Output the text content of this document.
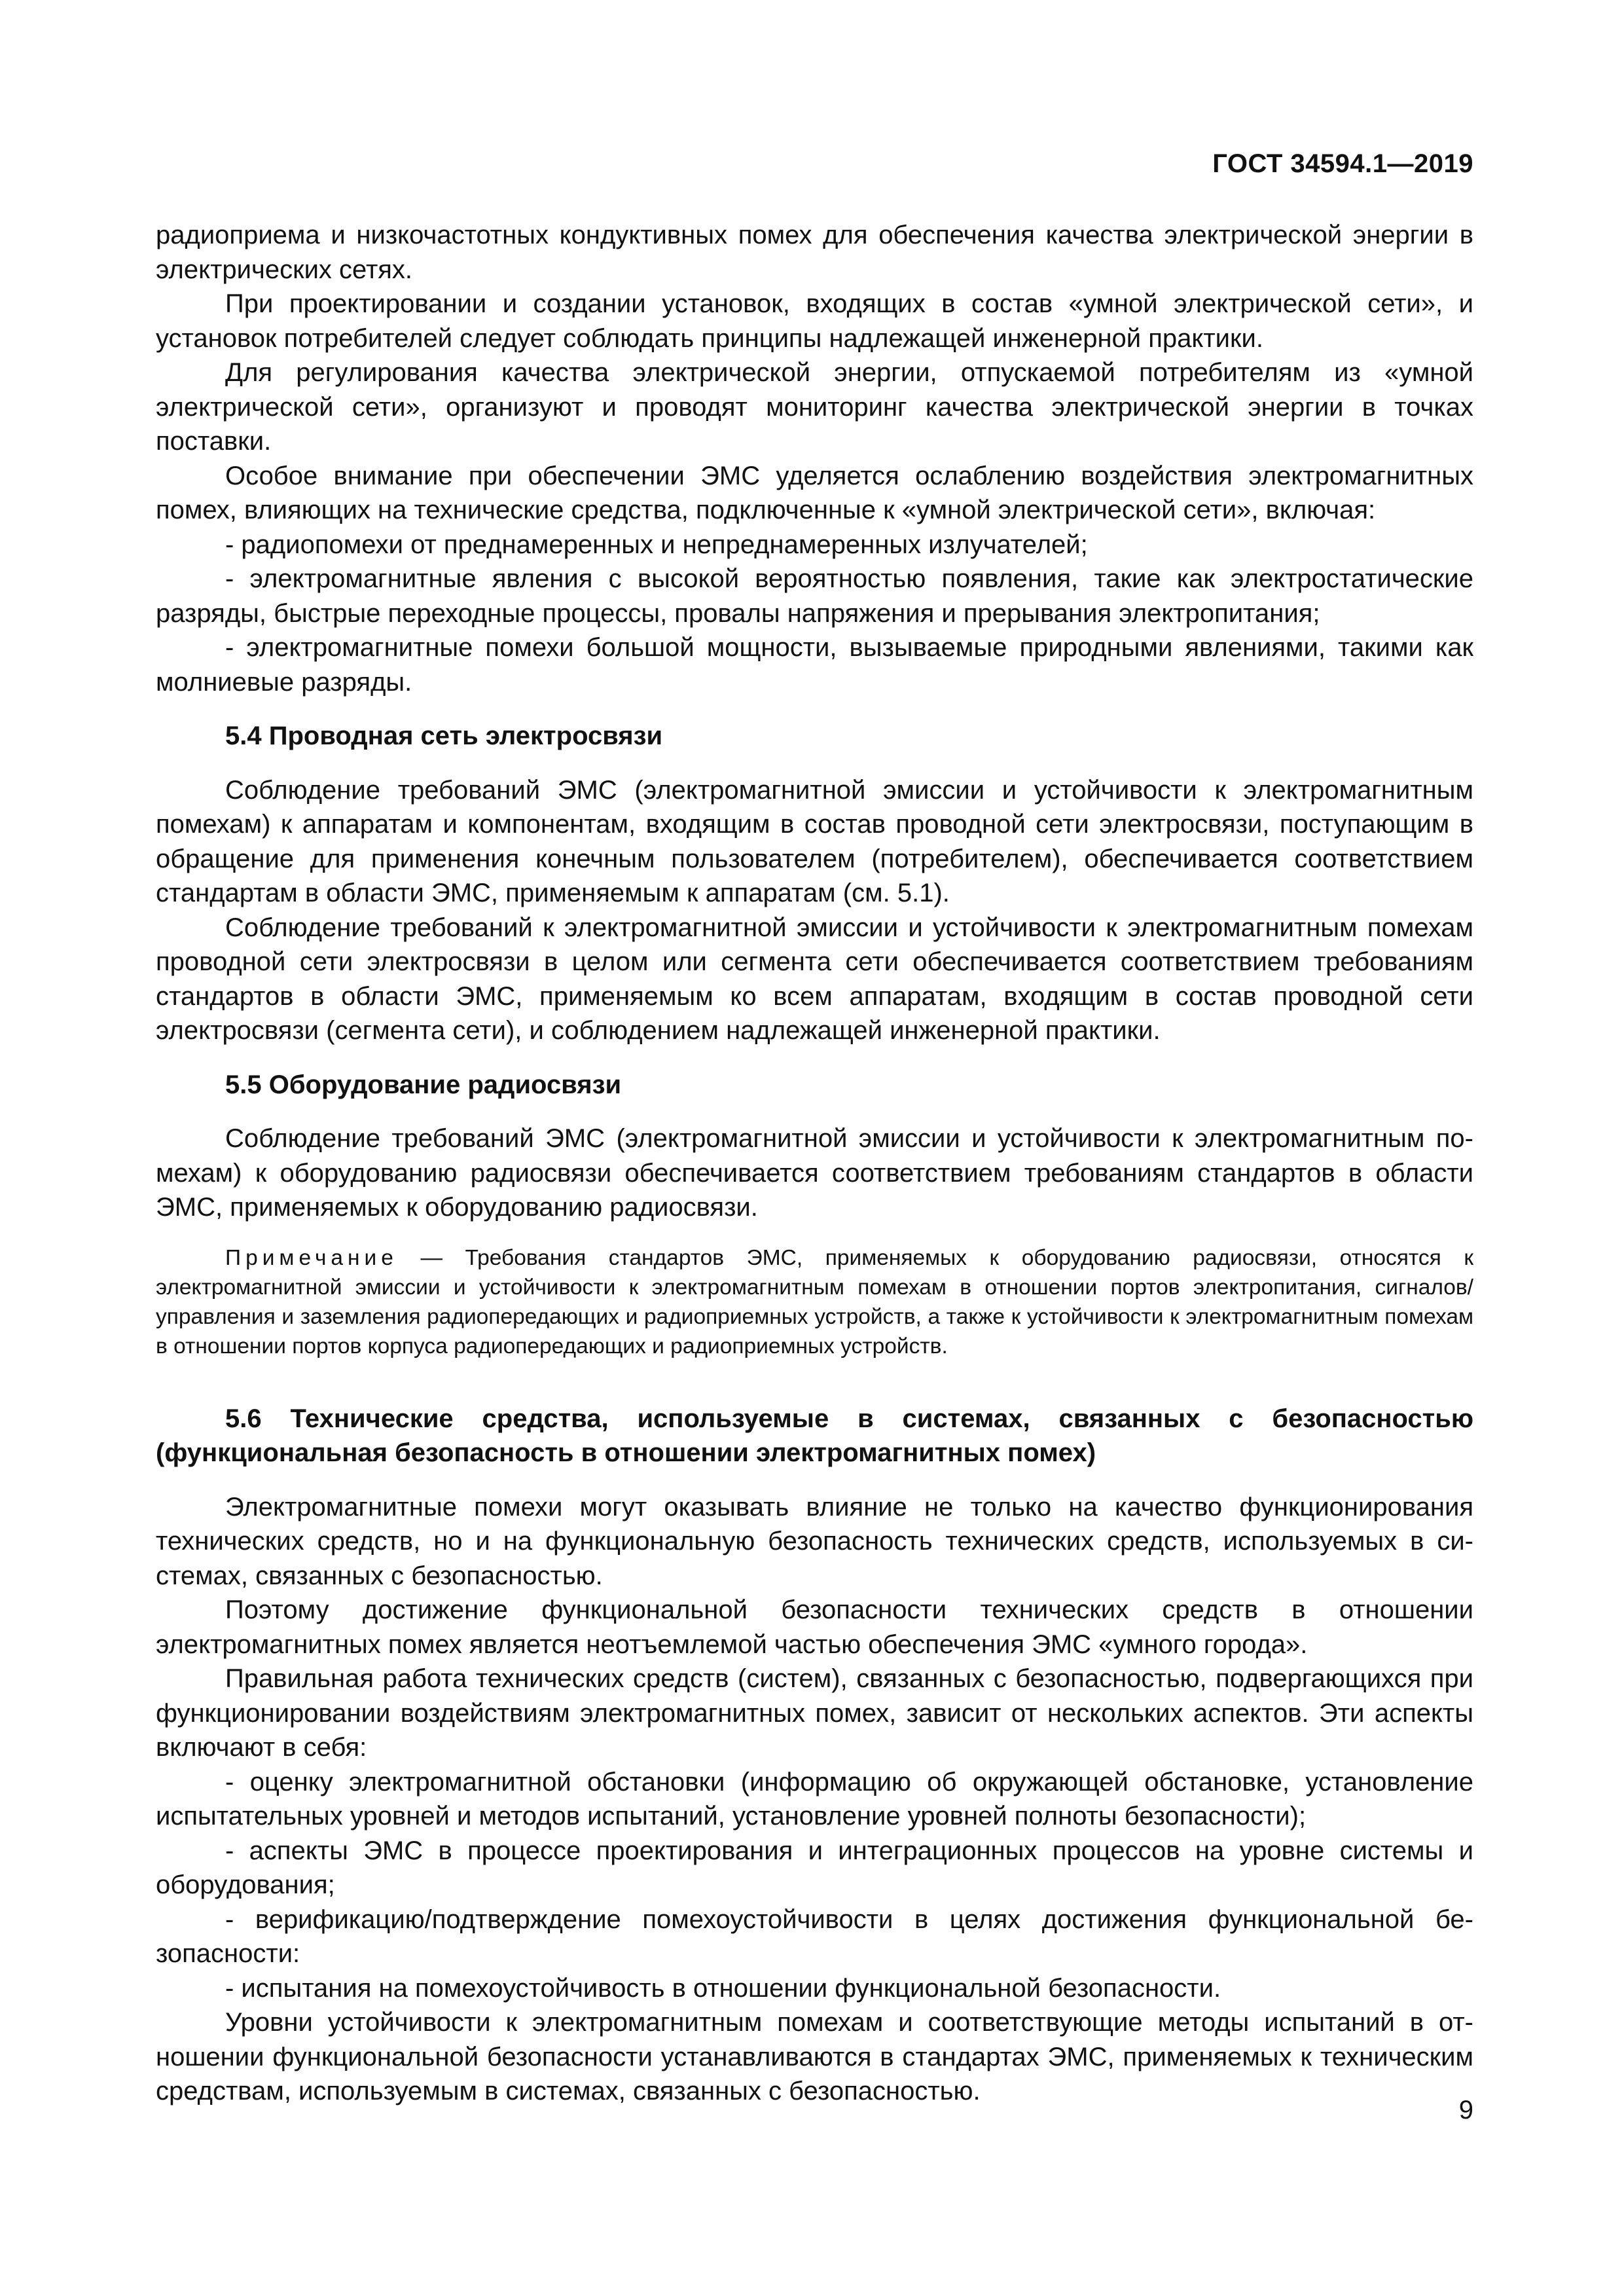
ГОСТ 34594.1—2019

радиоприема и низкочастотных кондуктивных помех для обеспечения качества электрической энергии в электрических сетях.

При проектировании и создании установок, входящих в состав «умной электрической сети», и установок потребителей следует соблюдать принципы надлежащей инженерной практики.

Для регулирования качества электрической энергии, отпускаемой потребителям из «умной электрической сети», организуют и проводят мониторинг качества электрической энергии в точках поставки.

Особое внимание при обеспечении ЭМС уделяется ослаблению воздействия электромагнитных помех, влияющих на технические средства, подключенные к «умной электрической сети», включая:

- радиопомехи от преднамеренных и непреднамеренных излучателей;

- электромагнитные явления с высокой вероятностью появления, такие как электростатические разряды, быстрые переходные процессы, провалы напряжения и прерывания электропитания;

- электромагнитные помехи большой мощности, вызываемые природными явлениями, такими как молниевые разряды.

5.4 Проводная сеть электросвязи

Соблюдение требований ЭМС (электромагнитной эмиссии и устойчивости к электромагнитным помехам) к аппаратам и компонентам, входящим в состав проводной сети электросвязи, поступающим в обращение для применения конечным пользователем (потребителем), обеспечивается соответствием стандартам в области ЭМС, применяемым к аппаратам (см. 5.1).

Соблюдение требований к электромагнитной эмиссии и устойчивости к электромагнитным помехам проводной сети электросвязи в целом или сегмента сети обеспечивается соответствием требованиям стандартов в области ЭМС, применяемым ко всем аппаратам, входящим в состав проводной сети электросвязи (сегмента сети), и соблюдением надлежащей инженерной практики.

5.5 Оборудование радиосвязи

Соблюдение требований ЭМС (электромагнитной эмиссии и устойчивости к электромагнитным помехам) к оборудованию радиосвязи обеспечивается соответствием требованиям стандартов в области ЭМС, применяемых к оборудованию радиосвязи.

Примечание — Требования стандартов ЭМС, применяемых к оборудованию радиосвязи, относятся к электромагнитной эмиссии и устойчивости к электромагнитным помехам в отношении портов электропитания, сигналов/управления и заземления радиопередающих и радиоприемных устройств, а также к устойчивости к электромагнитным помехам в отношении портов корпуса радиопередающих и радиоприемных устройств.

5.6 Технические средства, используемые в системах, связанных с безопасностью (функциональная безопасность в отношении электромагнитных помех)

Электромагнитные помехи могут оказывать влияние не только на качество функционирования технических средств, но и на функциональную безопасность технических средств, используемых в системах, связанных с безопасностью.

Поэтому достижение функциональной безопасности технических средств в отношении электромагнитных помех является неотъемлемой частью обеспечения ЭМС «умного города».

Правильная работа технических средств (систем), связанных с безопасностью, подвергающихся при функционировании воздействиям электромагнитных помех, зависит от нескольких аспектов. Эти аспекты включают в себя:

- оценку электромагнитной обстановки (информацию об окружающей обстановке, установление испытательных уровней и методов испытаний, установление уровней полноты безопасности);

- аспекты ЭМС в процессе проектирования и интеграционных процессов на уровне системы и оборудования;

- верификацию/подтверждение помехоустойчивости в целях достижения функциональной безопасности:

- испытания на помехоустойчивость в отношении функциональной безопасности.

Уровни устойчивости к электромагнитным помехам и соответствующие методы испытаний в отношении функциональной безопасности устанавливаются в стандартах ЭМС, применяемых к техническим средствам, используемым в системах, связанных с безопасностью.

9
